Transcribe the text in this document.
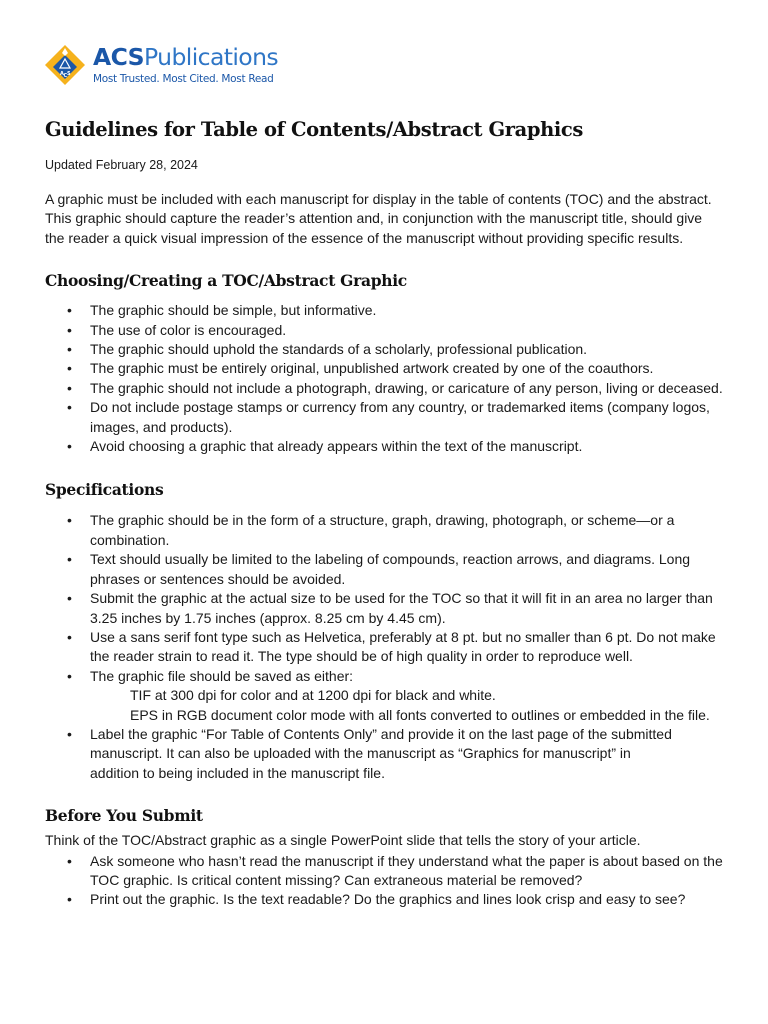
A C S
ACSPublications
Most Trusted. Most Cited. Most Read
Guidelines for Table of Contents/Abstract Graphics
Updated February 28, 2024

A graphic must be included with each manuscript for display in the table of contents (TOC) and the abstract. This graphic should capture the reader’s attention and, in conjunction with the manuscript title, should give the reader a quick visual impression of the essence of the manuscript without providing specific results.

Choosing/Creating a TOC/Abstract Graphic
• The graphic should be simple, but informative.
• The use of color is encouraged.
• The graphic should uphold the standards of a scholarly, professional publication.
• The graphic must be entirely original, unpublished artwork created by one of the coauthors.
• The graphic should not include a photograph, drawing, or caricature of any person, living or deceased.
• Do not include postage stamps or currency from any country, or trademarked items (company logos, images, and products).
• Avoid choosing a graphic that already appears within the text of the manuscript.
Specifications
• The graphic should be in the form of a structure, graph, drawing, photograph, or scheme—or a combination.
• Text should usually be limited to the labeling of compounds, reaction arrows, and diagrams. Long phrases or sentences should be avoided.
• Submit the graphic at the actual size to be used for the TOC so that it will fit in an area no larger than 3.25 inches by 1.75 inches (approx. 8.25 cm by 4.45 cm).
• Use a sans serif font type such as Helvetica, preferably at 8 pt. but no smaller than 6 pt. Do not make the reader strain to read it. The type should be of high quality in order to reproduce well.
• The graphic file should be saved as either:
TIF at 300 dpi for color and at 1200 dpi for black and white.
EPS in RGB document color mode with all fonts converted to outlines or embedded in the file.
• Label the graphic “For Table of Contents Only” and provide it on the last page of the submitted manuscript. It can also be uploaded with the manuscript as “Graphics for manuscript” in
addition to being included in the manuscript file.
Before You Submit

Think of the TOC/Abstract graphic as a single PowerPoint slide that tells the story of your article.

• Ask someone who hasn’t read the manuscript if they understand what the paper is about based on the TOC graphic. Is critical content missing? Can extraneous material be removed?
• Print out the graphic. Is the text readable? Do the graphics and lines look crisp and easy to see?
